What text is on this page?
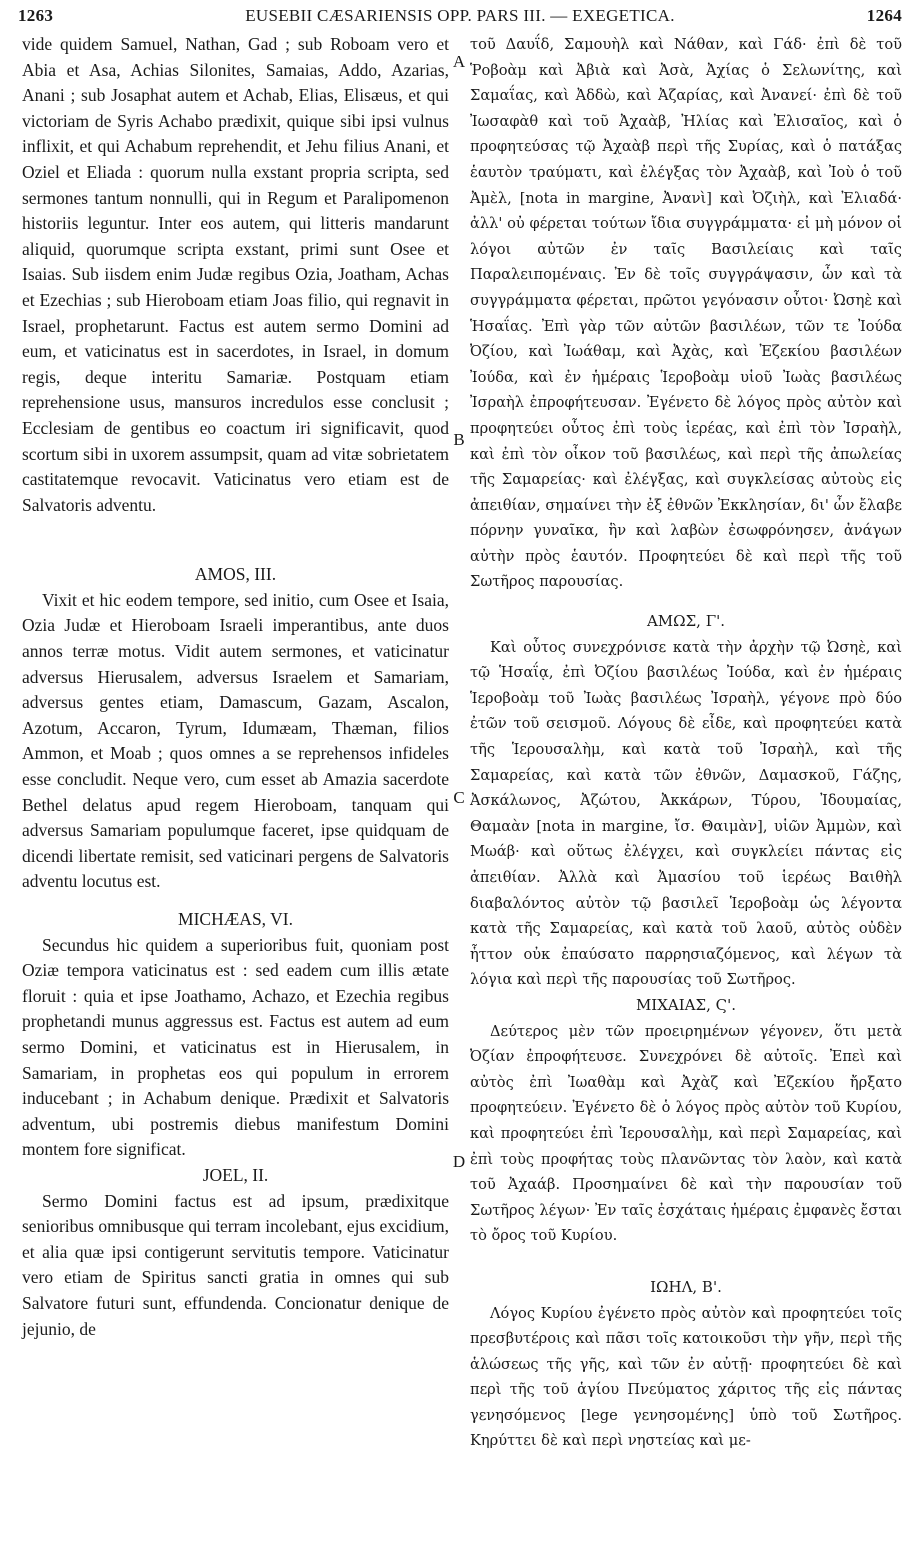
1263	EUSEBII CÆSARIENSIS OPP. PARS III. — EXEGETICA.	1264

vide quidem Samuel, Nathan, Gad ; sub Roboam vero et Abia et Asa, Achias Silonites, Samaias, Addo, Azarias, Anani ; sub Josaphat autem et Achab, Elias, Elisæus, et qui victoriam de Syris Achabo prædixit, quique sibi ipsi vulnus inflixit, et qui Achabum reprehendit, et Jehu filius Anani, et Oziel et Eliada : quorum nulla exstant propria scripta, sed sermones tantum nonnulli, qui in Regum et Paralipomenon historiis leguntur. Inter eos autem, qui litteris mandarunt aliquid, quorumque scripta exstant, primi sunt Osee et Isaias. Sub iisdem enim Judæ regibus Ozia, Joatham, Achas et Ezechias ; sub Hieroboam etiam Joas filio, qui regnavit in Israel, prophetarunt. Factus est autem sermo Domini ad eum, et vaticinatus est in sacerdotes, in Israel, in domum regis, deque interitu Samariæ. Postquam etiam reprehensione usus, mansuros incredulos esse conclusit ; Ecclesiam de gentibus eo coactum iri significavit, quod scortum sibi in uxorem assumpsit, quam ad vitæ sobrietatem castitatemque revocavit. Vaticinatus vero etiam est de Salvatoris adventu.

AMOS, III.

Vixit et hic eodem tempore, sed initio, cum Osee et Isaia, Ozia Judæ et Hieroboam Israeli imperantibus, ante duos annos terræ motus. Vidit autem sermones, et vaticinatur adversus Hierusalem, adversus Israelem et Samariam, adversus gentes etiam, Damascum, Gazam, Ascalon, Azotum, Accaron, Tyrum, Idumæam, Thæman, filios Ammon, et Moab ; quos omnes a se reprehensos infideles esse concludit. Neque vero, cum esset ab Amazia sacerdote Bethel delatus apud regem Hieroboam, tanquam qui adversus Samariam populumque faceret, ipse quidquam de dicendi libertate remisit, sed vaticinari pergens de Salvatoris adventu locutus est.

MICHÆAS, VI.

Secundus hic quidem a superioribus fuit, quoniam post Oziæ tempora vaticinatus est : sed eadem cum illis ætate floruit : quia et ipse Joathamo, Achazo, et Ezechia regibus prophetandi munus aggressus est. Factus est autem ad eum sermo Domini, et vaticinatus est in Hierusalem, in Samariam, in prophetas eos qui populum in errorem inducebant ; in Achabum denique. Prædixit et Salvatoris adventum, ubi postremis diebus manifestum Domini montem fore significat.

JOEL, II.

Sermo Domini factus est ad ipsum, prædixitque senioribus omnibusque qui terram incolebant, ejus excidium, et alia quæ ipsi contigerunt servitutis tempore. Vaticinatur vero etiam de Spiritus sancti gratia in omnes qui sub Salvatore futuri sunt, effundenda. Concionatur denique de jejunio, de

A
B
C
D

τοῦ Δαυΐδ, Σαμουὴλ καὶ Νάθαν, καὶ Γάδ· ἐπὶ δὲ τοῦ Ῥοβοὰμ καὶ Ἀβιὰ καὶ Ἀσὰ, Ἀχίας ὁ Σελωνίτης, καὶ Σαμαΐας, καὶ Ἀδδὼ, καὶ Ἀζαρίας, καὶ Ἀνανεί· ἐπὶ δὲ τοῦ Ἰωσαφὰθ καὶ τοῦ Ἀχαὰβ, Ἠλίας καὶ Ἐλισαῖος, καὶ ὁ προφητεύσας τῷ Ἀχαὰβ περὶ τῆς Συρίας, καὶ ὁ πατάξας ἑαυτὸν τραύματι, καὶ ἐλέγξας τὸν Ἀχαὰβ, καὶ Ἰοὺ ὁ τοῦ Ἀμὲλ, [nota in margine, Ἀνανὶ] καὶ Ὀζιὴλ, καὶ Ἐλιαδά· ἀλλ' οὐ φέρεται τούτων ἴδια συγγράμματα· εἰ μὴ μόνον οἱ λόγοι αὐτῶν ἐν ταῖς Βασιλείαις καὶ ταῖς Παραλειπομέναις. Ἐν δὲ τοῖς συγγράψασιν, ὧν καὶ τὰ συγγράμματα φέρεται, πρῶτοι γεγόνασιν οὗτοι· Ὠσηὲ καὶ Ἡσαΐας. Ἐπὶ γὰρ τῶν αὐτῶν βασιλέων, τῶν τε Ἰούδα Ὀζίου, καὶ Ἰωάθαμ, καὶ Ἀχὰς, καὶ Ἐζεκίου βασιλέων Ἰούδα, καὶ ἐν ἡμέραις Ἱεροβοὰμ υἱοῦ Ἰωὰς βασιλέως Ἰσραὴλ ἐπροφήτευσαν. Ἐγένετο δὲ λόγος πρὸς αὐτὸν καὶ προφητεύει οὗτος ἐπὶ τοὺς ἱερέας, καὶ ἐπὶ τὸν Ἰσραὴλ, καὶ ἐπὶ τὸν οἶκον τοῦ βασιλέως, καὶ περὶ τῆς ἀπωλείας τῆς Σαμαρείας· καὶ ἐλέγξας, καὶ συγκλείσας αὐτοὺς εἰς ἀπειθίαν, σημαίνει τὴν ἐξ ἐθνῶν Ἐκκλησίαν, δι' ὧν ἔλαβε πόρνην γυναῖκα, ἣν καὶ λαβὼν ἐσωφρόνησεν, ἀνάγων αὐτὴν πρὸς ἑαυτόν. Προφητεύει δὲ καὶ περὶ τῆς τοῦ Σωτῆρος παρουσίας.

ΑΜΩΣ, Γ'.

Καὶ οὗτος συνεχρόνισε κατὰ τὴν ἀρχὴν τῷ Ὠσηὲ, καὶ τῷ Ἡσαΐᾳ, ἐπὶ Ὀζίου βασιλέως Ἰούδα, καὶ ἐν ἡμέραις Ἱεροβοὰμ τοῦ Ἰωὰς βασιλέως Ἰσραὴλ, γέγονε πρὸ δύο ἐτῶν τοῦ σεισμοῦ. Λόγους δὲ εἶδε, καὶ προφητεύει κατὰ τῆς Ἱερουσαλὴμ, καὶ κατὰ τοῦ Ἰσραὴλ, καὶ τῆς Σαμαρείας, καὶ κατὰ τῶν ἐθνῶν, Δαμασκοῦ, Γάζης, Ἀσκάλωνος, Ἀζώτου, Ἀκκάρων, Τύρου, Ἰδουμαίας, Θαμαὰν [nota in margine, ἴσ. Θαιμὰν], υἱῶν Ἀμμὼν, καὶ Μωάβ· καὶ οὕτως ἐλέγχει, καὶ συγκλείει πάντας εἰς ἀπειθίαν. Ἀλλὰ καὶ Ἀμασίου τοῦ ἱερέως Βαιθὴλ διαβαλόντος αὐτὸν τῷ βασιλεῖ Ἱεροβοὰμ ὡς λέγοντα κατὰ τῆς Σαμαρείας, καὶ κατὰ τοῦ λαοῦ, αὐτὸς οὐδὲν ἧττον οὐκ ἐπαύσατο παρρησιαζόμενος, καὶ λέγων τὰ λόγια καὶ περὶ τῆς παρουσίας τοῦ Σωτῆρος.

ΜΙΧΑΙΑΣ, Ϛ'.

Δεύτερος μὲν τῶν προειρημένων γέγονεν, ὅτι μετὰ Ὀζίαν ἐπροφήτευσε. Συνεχρόνει δὲ αὐτοῖς. Ἐπεὶ καὶ αὐτὸς ἐπὶ Ἰωαθὰμ καὶ Ἀχὰζ καὶ Ἐζεκίου ἤρξατο προφητεύειν. Ἐγένετο δὲ ὁ λόγος πρὸς αὐτὸν τοῦ Κυρίου, καὶ προφητεύει ἐπὶ Ἱερουσαλὴμ, καὶ περὶ Σαμαρείας, καὶ ἐπὶ τοὺς προφήτας τοὺς πλανῶντας τὸν λαὸν, καὶ κατὰ τοῦ Ἀχαάβ. Προσημαίνει δὲ καὶ τὴν παρουσίαν τοῦ Σωτῆρος λέγων· Ἐν ταῖς ἐσχάταις ἡμέραις ἐμφανὲς ἔσται τὸ ὄρος τοῦ Κυρίου.

ΙΩΗΛ, Β'.

Λόγος Κυρίου ἐγένετο πρὸς αὐτὸν καὶ προφητεύει τοῖς πρεσβυτέροις καὶ πᾶσι τοῖς κατοικοῦσι τὴν γῆν, περὶ τῆς ἁλώσεως τῆς γῆς, καὶ τῶν ἐν αὐτῇ· προφητεύει δὲ καὶ περὶ τῆς τοῦ ἁγίου Πνεύματος χάριτος τῆς εἰς πάντας γενησόμενος [lege γενησομένης] ὑπὸ τοῦ Σωτῆρος. Κηρύττει δὲ καὶ περὶ νηστείας καὶ με-
